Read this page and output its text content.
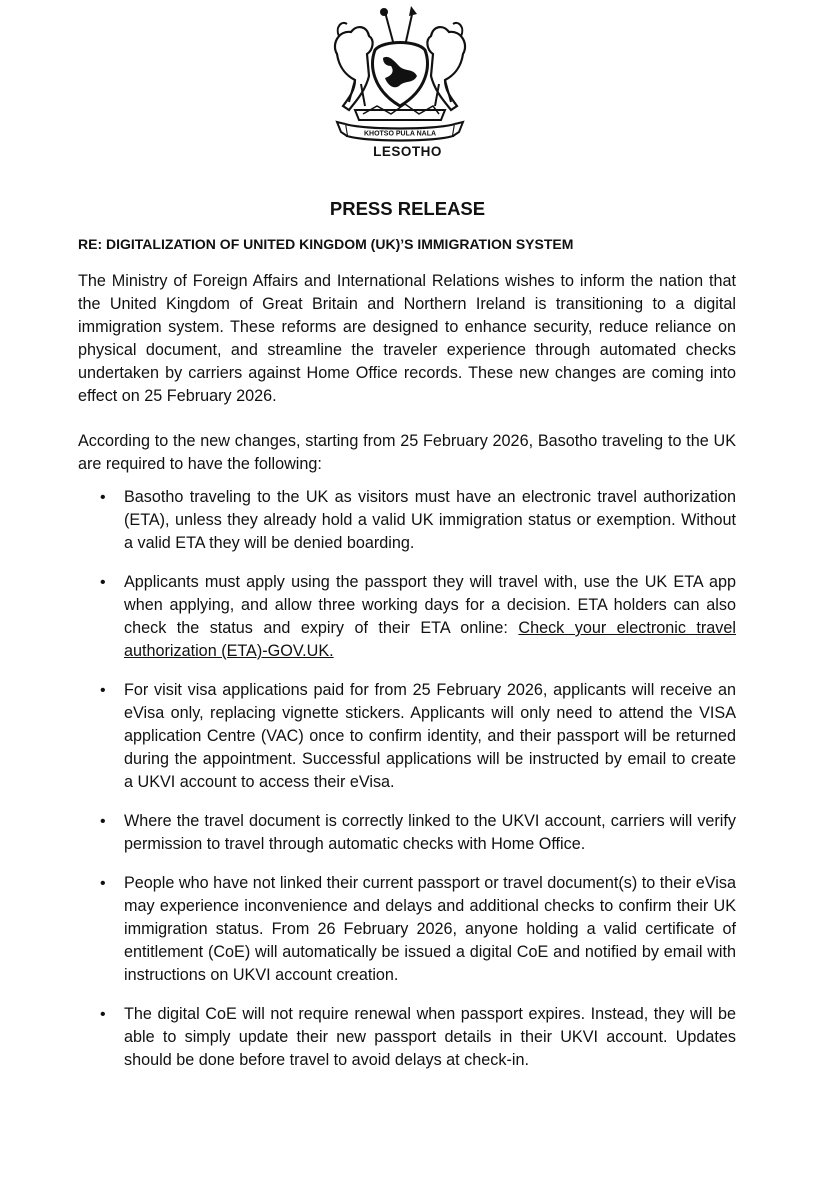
KHOTSO PULA NALA
LESOTHO
PRESS RELEASE
RE: DIGITALIZATION OF UNITED KINGDOM (UK)’S IMMIGRATION SYSTEM
The Ministry of Foreign Affairs and International Relations wishes to inform the nation that the United Kingdom of Great Britain and Northern Ireland is transitioning to a digital immigration system. These reforms are designed to enhance security, reduce reliance on physical document, and streamline the traveler experience through automated checks undertaken by carriers against Home Office records. These new changes are coming into effect on 25 February 2026.
According to the new changes, starting from 25 February 2026, Basotho traveling to the UK are required to have the following:
• Basotho traveling to the UK as visitors must have an electronic travel authorization (ETA), unless they already hold a valid UK immigration status or exemption. Without a valid ETA they will be denied boarding.
• Applicants must apply using the passport they will travel with, use the UK ETA app when applying, and allow three working days for a decision. ETA holders can also check the status and expiry of their ETA online: Check your electronic travel authorization (ETA)-GOV.UK.
• For visit visa applications paid for from 25 February 2026, applicants will receive an eVisa only, replacing vignette stickers. Applicants will only need to attend the VISA application Centre (VAC) once to confirm identity, and their passport will be returned during the appointment. Successful applications will be instructed by email to create a UKVI account to access their eVisa.
• Where the travel document is correctly linked to the UKVI account, carriers will verify permission to travel through automatic checks with Home Office.
• People who have not linked their current passport or travel document(s) to their eVisa may experience inconvenience and delays and additional checks to confirm their UK immigration status. From 26 February 2026, anyone holding a valid certificate of entitlement (CoE) will automatically be issued a digital CoE and notified by email with instructions on UKVI account creation.
• The digital CoE will not require renewal when passport expires. Instead, they will be able to simply update their new passport details in their UKVI account. Updates should be done before travel to avoid delays at check-in.
